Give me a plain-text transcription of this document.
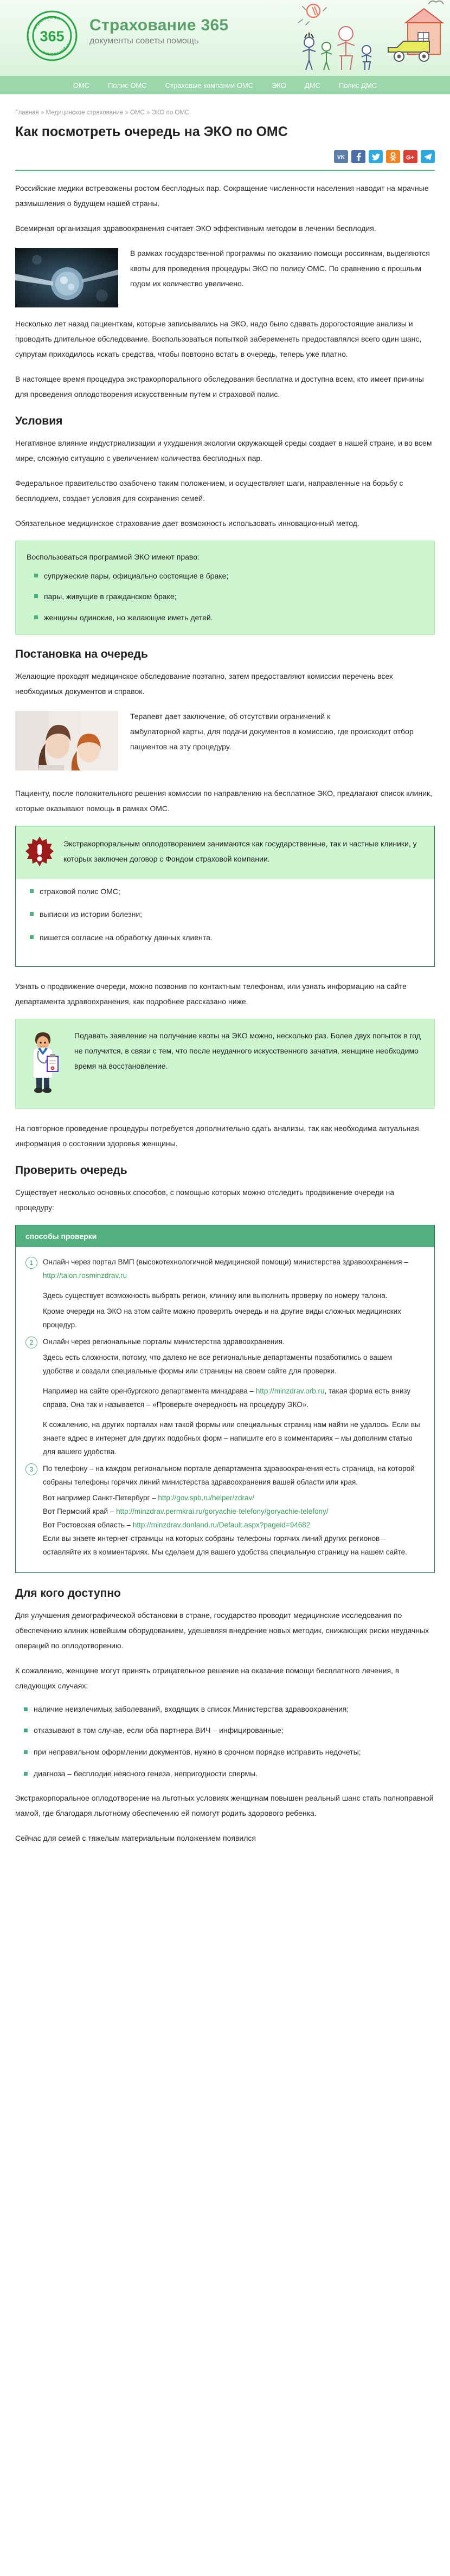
365
страхование
страхование
Страхование 365

документы советы помощь

ОМС	Полис ОМС	Страховые компании ОМС	ЭКО	ДМС	Полис ДМС
Главная » Медицинское страхование » ОМС » ЭКО по ОМС
Как посмотреть очередь на ЭКО по ОМС
VK	G+

Российские медики встревожены ростом бесплодных пар. Сокращение численности населения наводит на мрачные размышления о будущем нашей страны.

Всемирная организация здравоохранения считает ЭКО эффективным методом в лечении бесплодия.

В рамках государственной программы по оказанию помощи россиянам, выделяются квоты для проведения процедуры ЭКО по полису ОМС. По сравнению с прошлым годом их количество увеличено.

Несколько лет назад пациенткам, которые записывались на ЭКО, надо было сдавать дорогостоящие анализы и проводить длительное обследование. Воспользоваться попыткой забеременеть предоставлялся всего один шанс, супругам приходилось искать средства, чтобы повторно встать в очередь, теперь уже платно.

В настоящее время процедура экстракорпорального обследования бесплатна и доступна всем, кто имеет причины для проведения оплодотворения искусственным путем и страховой полис.

Условия

Негативное влияние индустриализации и ухудшения экологии окружающей среды создает в нашей стране, и во всем мире, сложную ситуацию с увеличением количества бесплодных пар.

Федеральное правительство озабочено таким положением, и осуществляет шаги, направленные на борьбу с бесплодием, создает условия для сохранения семей.

Обязательное медицинское страхование дает возможность использовать инновационный метод.

Воспользоваться программой ЭКО имеют право:

супружеские пары, официально состоящие в браке;
пары, живущие в гражданском браке;
женщины одинокие, но желающие иметь детей.
Постановка на очередь

Желающие проходят медицинское обследование поэтапно, затем предоставляют комиссии перечень всех необходимых документов и справок.

Терапевт дает заключение, об отсутствии ограничений к

амбулаторной карты, для подачи документов в комиссию, где происходит отбор пациентов на эту процедуру.

Пациенту, после положительного решения комиссии по направлению на бесплатное ЭКО, предлагают список клиник, которые оказывают помощь в рамках ОМС.

Экстракорпоральным оплодотворением занимаются как государственные, так и частные клиники, у которых заключен договор с Фондом страховой компании.

страховой полис ОМС;
выписки из истории болезни;
пишется согласие на обработку данных клиента.

Узнать о продвижение очереди, можно позвонив по контактным телефонам, или узнать информацию на сайте департамента здравоохранения, как подробнее рассказано ниже.

Подавать заявление на получение квоты на ЭКО можно, несколько раз. Более двух попыток в год не получится, в связи с тем, что после неудачного искусственного зачатия, женщине необходимо время на восстановление.

На повторное проведение процедуры потребуется дополнительно сдать анализы, так как необходима актуальная информация о состоянии здоровья женщины.

Проверить очередь

Существует несколько основных способов, с помощью которых можно отследить продвижение очереди на процедуру:

способы проверки
1	Онлайн через портал ВМП (высокотехнологичной медицинской помощи) министерства здравоохранения –
http://talon.rosminzdrav.ru

Здесь существует возможность выбрать регион, клинику или выполнить проверку по номеру талона.

Кроме очереди на ЭКО на этом сайте можно проверить очередь и на другие виды сложных медицинских процедур.

2	Онлайн через региональные порталы министерства здравоохранения.

Здесь есть сложности, потому, что далеко не все региональные департаменты позаботились о вашем удобстве и создали специальные формы или страницы на своем сайте для проверки.

Например на сайте оренбургского департамента минздрава – http://minzdrav.orb.ru, такая форма есть внизу справа. Она так и называется – «Проверьте очередность на процедуру ЭКО».

К сожалению, на других порталах нам такой формы или специальных страниц нам найти не удалось. Если вы знаете адрес в интернет для других подобных форм – напишите его в комментариях – мы дополним статью для вашего удобства.

3	По телефону – на каждом региональном портале департамента здравоохранения есть страница, на которой собраны телефоны горячих линий министерства здравоохранения вашей области или края.

Вот например Санкт-Петербург – http://gov.spb.ru/helper/zdrav/
Вот Пермский край – http://minzdrav.permkrai.ru/goryachie-telefony/goryachie-telefony/
Вот Ростовская область – http://minzdrav.donland.ru/Default.aspx?pageid=94682
Если вы знаете интернет-страницы на которых собраны телефоны горячих линий других регионов – оставляйте их в комментариях. Мы сделаем для вашего удобства специальную страницу на нашем сайте.

Для кого доступно

Для улучшения демографической обстановки в стране, государство проводит медицинские исследования по обеспечению клиник новейшим оборудованием, удешевляя внедрение новых методик, снижающих риски неудачных операций по оплодотворению.

К сожалению, женщине могут принять отрицательное решение на оказание помощи бесплатного лечения, в следующих случаях:

наличие неизлечимых заболеваний, входящих в список Министерства здравоохранения;
отказывают в том случае, если оба партнера ВИЧ – инфицированные;
при неправильном оформлении документов, нужно в срочном порядке исправить недочеты;
диагноза – бесплодие неясного генеза, непригодности спермы.

Экстракорпоральное оплодотворение на льготных условиях женщинам повышен реальный шанс стать полноправной мамой, где благодаря льготному обеспечению ей помогут родить здорового ребенка.

Сейчас для семей с тяжелым материальным положением появился
